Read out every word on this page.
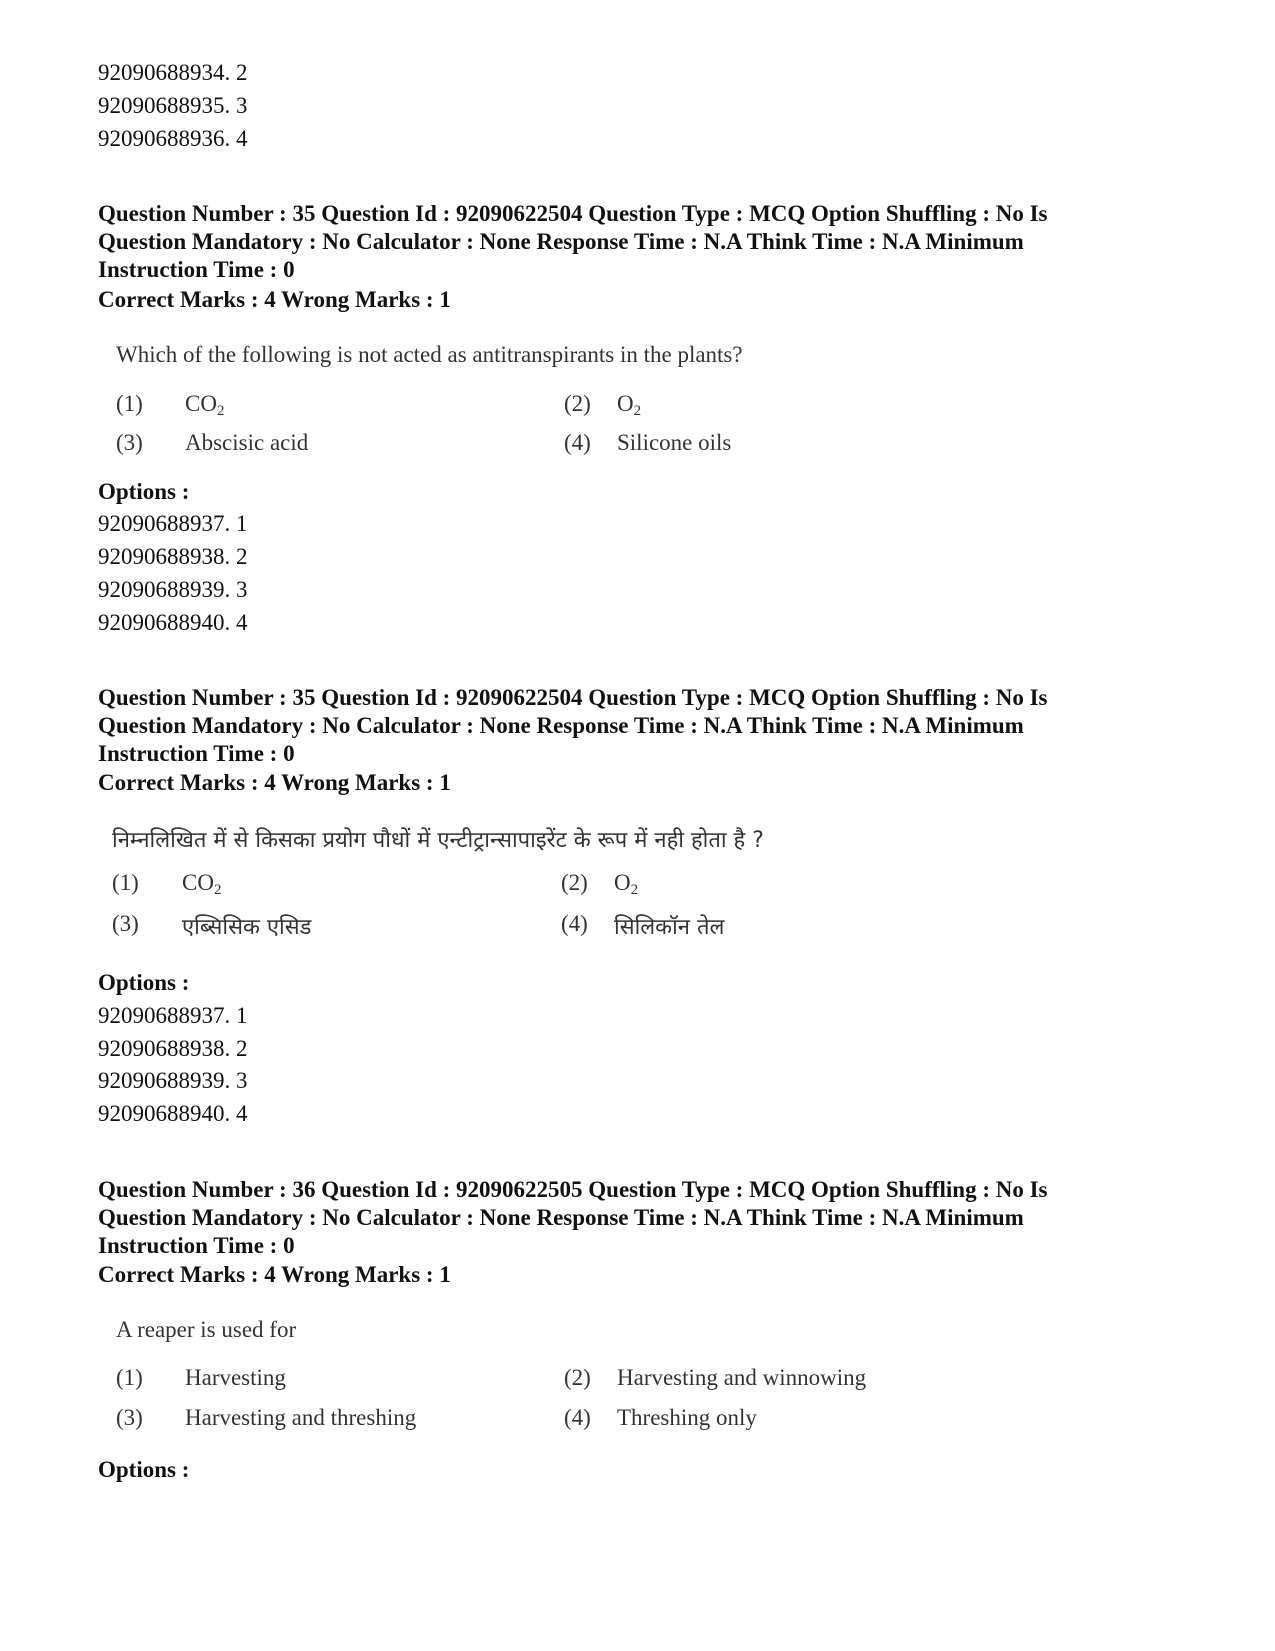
92090688934. 2
92090688935. 3
92090688936. 4
Question Number : 35 Question Id : 92090622504 Question Type : MCQ Option Shuffling : No Is
Question Mandatory : No Calculator : None Response Time : N.A Think Time : N.A Minimum
Instruction Time : 0
Correct Marks : 4 Wrong Marks : 1
Which of the following is not acted as antitranspirants in the plants?
(1) $CO_2$	(2) $O_2$
(3) Abscisic acid	(4) Silicone oils
Options :
92090688937. 1
92090688938. 2
92090688939. 3
92090688940. 4
Question Number : 35 Question Id : 92090622504 Question Type : MCQ Option Shuffling : No Is
Question Mandatory : No Calculator : None Response Time : N.A Think Time : N.A Minimum
Instruction Time : 0
Correct Marks : 4 Wrong Marks : 1
निम्नलिखित में से किसका प्रयोग पौधों में एन्टीट्रान्सापाइरेंट के रूप में नही होता है ?
(1) $CO_2$	(2) $O_2$
(3) एब्सिसिक एसिड	(4) सिलिकॉन तेल
Options :
92090688937. 1
92090688938. 2
92090688939. 3
92090688940. 4
Question Number : 36 Question Id : 92090622505 Question Type : MCQ Option Shuffling : No Is
Question Mandatory : No Calculator : None Response Time : N.A Think Time : N.A Minimum
Instruction Time : 0
Correct Marks : 4 Wrong Marks : 1
A reaper is used for
(1) Harvesting	(2) Harvesting and winnowing
(3) Harvesting and threshing	(4) Threshing only
Options :
